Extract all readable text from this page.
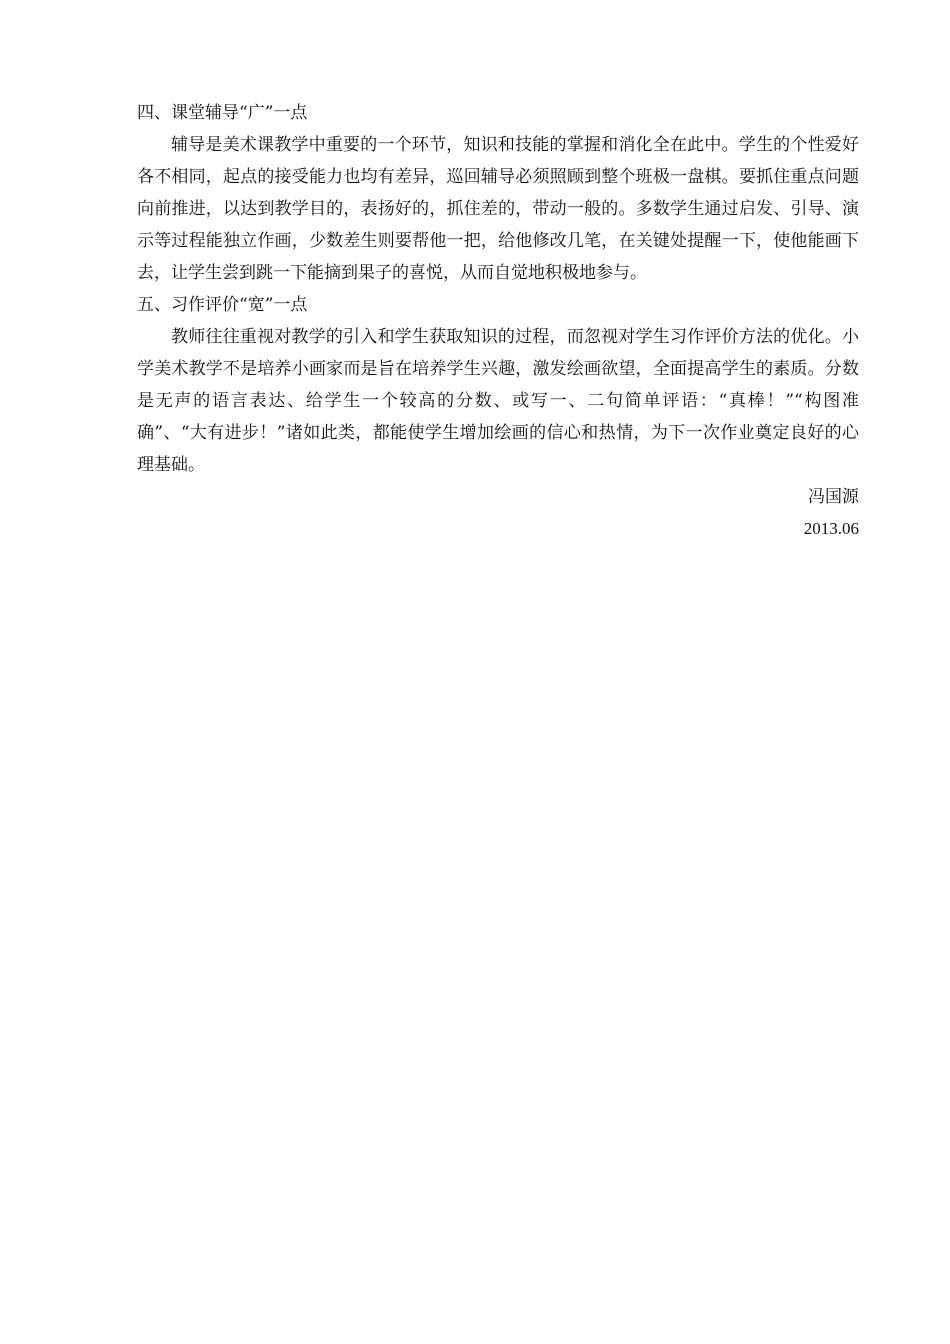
四、课堂辅导“广”一点

辅导是美术课教学中重要的一个环节，知识和技能的掌握和消化全在此中。学生的个性爱好各不相同，起点的接受能力也均有差异，巡回辅导必须照顾到整个班极一盘棋。要抓住重点问题向前推进，以达到教学目的，表扬好的，抓住差的，带动一般的。多数学生通过启发、引导、演示等过程能独立作画，少数差生则要帮他一把，给他修改几笔，在关键处提醒一下，使他能画下去，让学生尝到跳一下能摘到果子的喜悦，从而自觉地积极地参与。

五、习作评价“宽”一点

教师往往重视对教学的引入和学生获取知识的过程，而忽视对学生习作评价方法的优化。小学美术教学不是培养小画家而是旨在培养学生兴趣，激发绘画欲望，全面提高学生的素质。分数是无声的语言表达、给学生一个较高的分数、或写一、二句简单评语：“真棒！”“构图准确”、“大有进步！”诸如此类，都能使学生增加绘画的信心和热情，为下一次作业奠定良好的心理基础。

冯国源

2013.06
